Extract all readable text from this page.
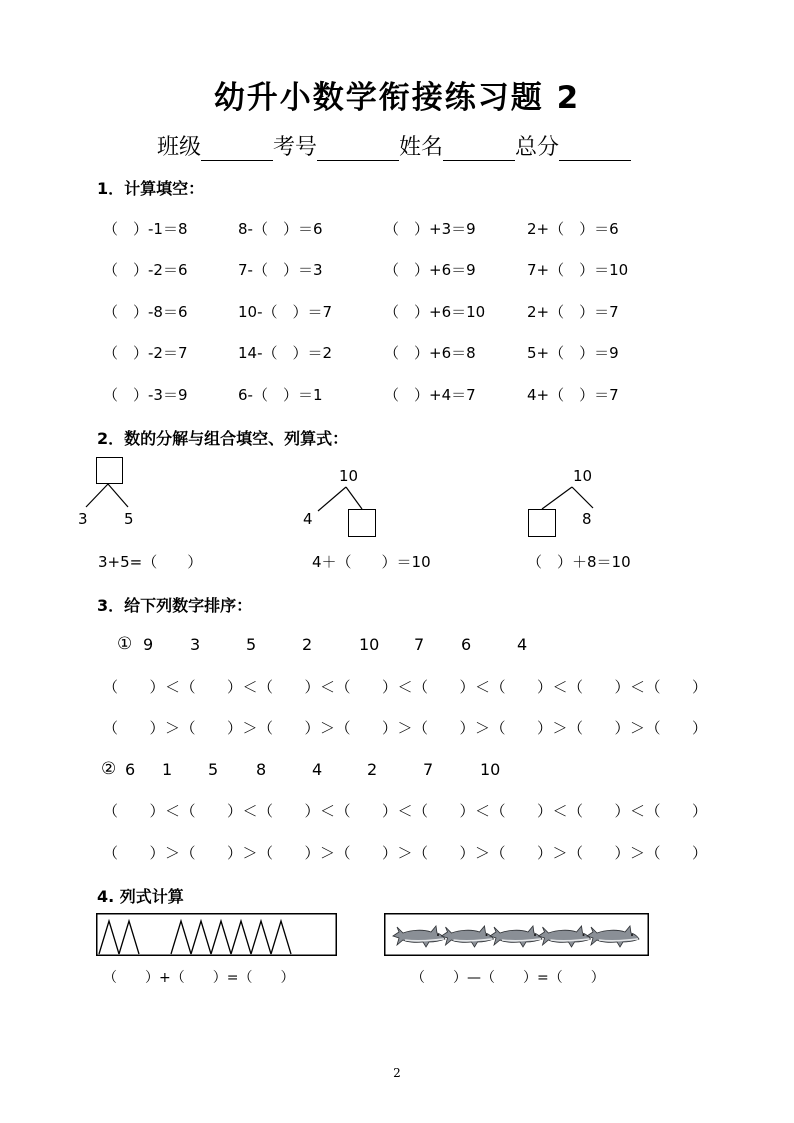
幼升小数学衔接练习题 2
班级	考号	姓名	总分
1．计算填空：
（　）-1＝8	8-（　）＝6	（　）+3＝9	2+（　）＝6
（　）-2＝6	7-（　）＝3	（　）+6＝9	7+（　）＝10
（　）-8＝6	10-（　）＝7	（　）+6＝10	2+（　）＝7
（　）-2＝7	14-（　）＝2	（　）+6＝8	5+（　）＝9
（　）-3＝9	6-（　）＝1	（　）+4＝7	4+（　）＝7
2．数的分解与组合填空、列算式：
3 5
3+5=（　　）
10
4
4＋（　　）＝10
10
8
（　）＋8＝10
3．给下列数字排序：
① 9 3	5	2	10 7 6	4
（　　）＜（　　）＜（　　）＜（　　）＜（　　）＜（　　）＜（　　）＜（　　）
（　　）＞（　　）＞（　　）＞（　　）＞（　　）＞（　　）＞（　　）＞（　　）
② 6 1 5 8	4	2	7	10
（　　）＜（　　）＜（　　）＜（　　）＜（　　）＜（　　）＜（　　）＜（　　）
（　　）＞（　　）＞（　　）＞（　　）＞（　　）＞（　　）＞（　　）＞（　　）
4. 列式计算
（　　）+（　　）=（　　）	（　　）—（　　）=（　　）
2
